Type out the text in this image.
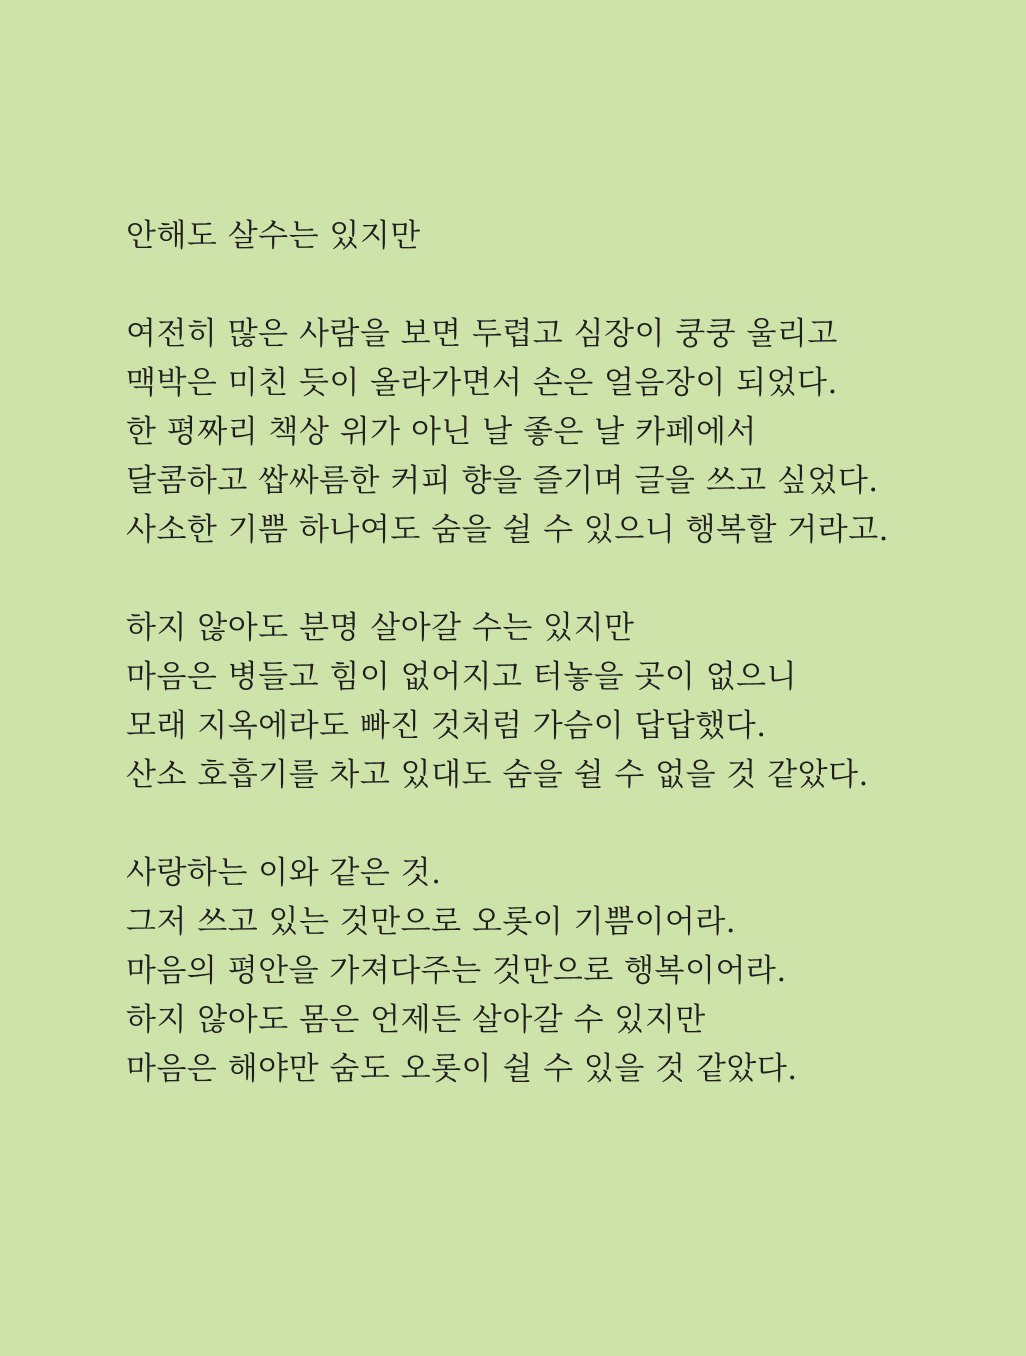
안해도 살수는 있지만
여전히 많은 사람을 보면 두렵고 심장이 쿵쿵 울리고
맥박은 미친 듯이 올라가면서 손은 얼음장이 되었다.
한 평짜리 책상 위가 아닌 날 좋은 날 카페에서
달콤하고 쌉싸름한 커피 향을 즐기며 글을 쓰고 싶었다.
사소한 기쁨 하나여도 숨을 쉴 수 있으니 행복할 거라고.
하지 않아도 분명 살아갈 수는 있지만
마음은 병들고 힘이 없어지고 터놓을 곳이 없으니
모래 지옥에라도 빠진 것처럼 가슴이 답답했다.
산소 호흡기를 차고 있대도 숨을 쉴 수 없을 것 같았다.
사랑하는 이와 같은 것.
그저 쓰고 있는 것만으로 오롯이 기쁨이어라.
마음의 평안을 가져다주는 것만으로 행복이어라.
하지 않아도 몸은 언제든 살아갈 수 있지만
마음은 해야만 숨도 오롯이 쉴 수 있을 것 같았다.
